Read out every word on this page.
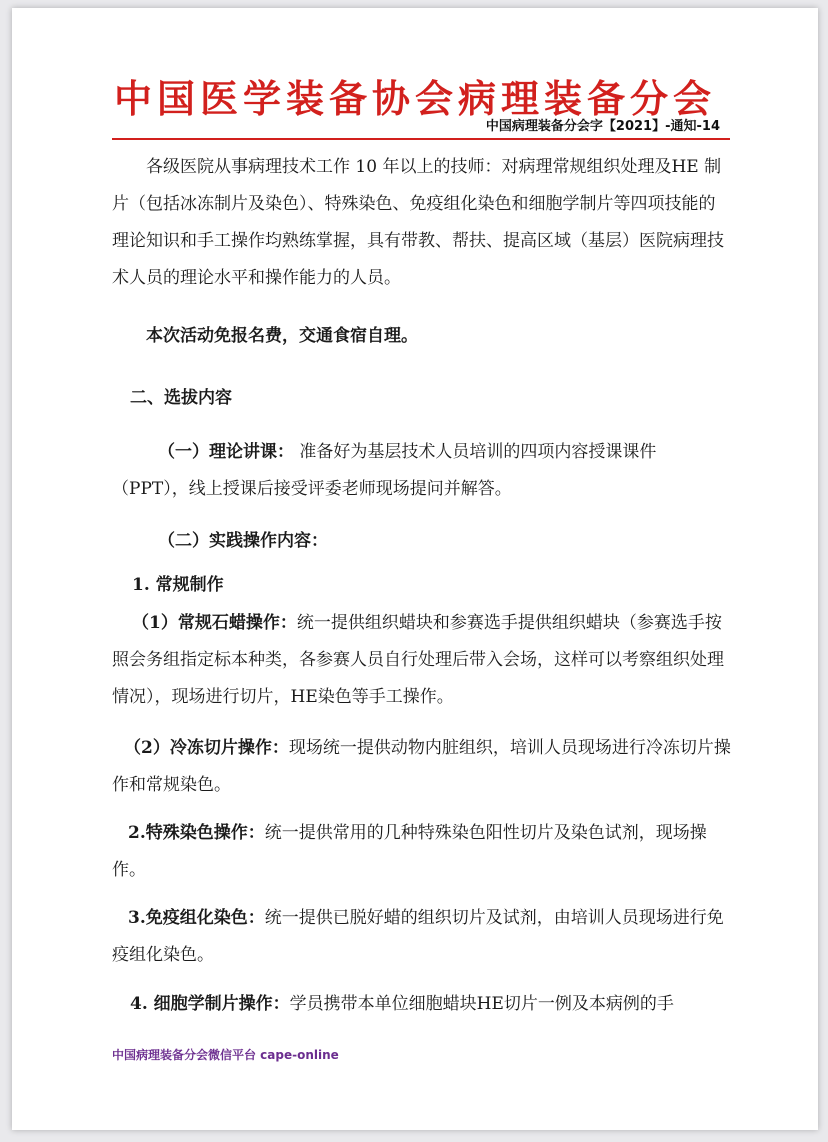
中国医学装备协会病理装备分会
中国病理装备分会字【2021】-通知-14

各级医院从事病理技术工作 10 年以上的技师：对病理常规组织处理及HE 制片（包括冰冻制片及染色）、特殊染色、免疫组化染色和细胞学制片等四项技能的理论知识和手工操作均熟练掌握，具有带教、帮扶、提高区域（基层）医院病理技术人员的理论水平和操作能力的人员。

本次活动免报名费，交通食宿自理。

二、选拔内容

（一）理论讲课： 准备好为基层技术人员培训的四项内容授课课件（PPT），线上授课后接受评委老师现场提问并解答。

（二）实践操作内容：

1. 常规制作

（1）常规石蜡操作：统一提供组织蜡块和参赛选手提供组织蜡块（参赛选手按照会务组指定标本种类，各参赛人员自行处理后带入会场，这样可以考察组织处理情况），现场进行切片，HE染色等手工操作。

（2）冷冻切片操作：现场统一提供动物内脏组织，培训人员现场进行冷冻切片操作和常规染色。

2.特殊染色操作：统一提供常用的几种特殊染色阳性切片及染色试剂，现场操作。

3.免疫组化染色：统一提供已脱好蜡的组织切片及试剂，由培训人员现场进行免疫组化染色。

4. 细胞学制片操作：学员携带本单位细胞蜡块HE切片一例及本病例的手

中国病理装备分会微信平台 cape-online
